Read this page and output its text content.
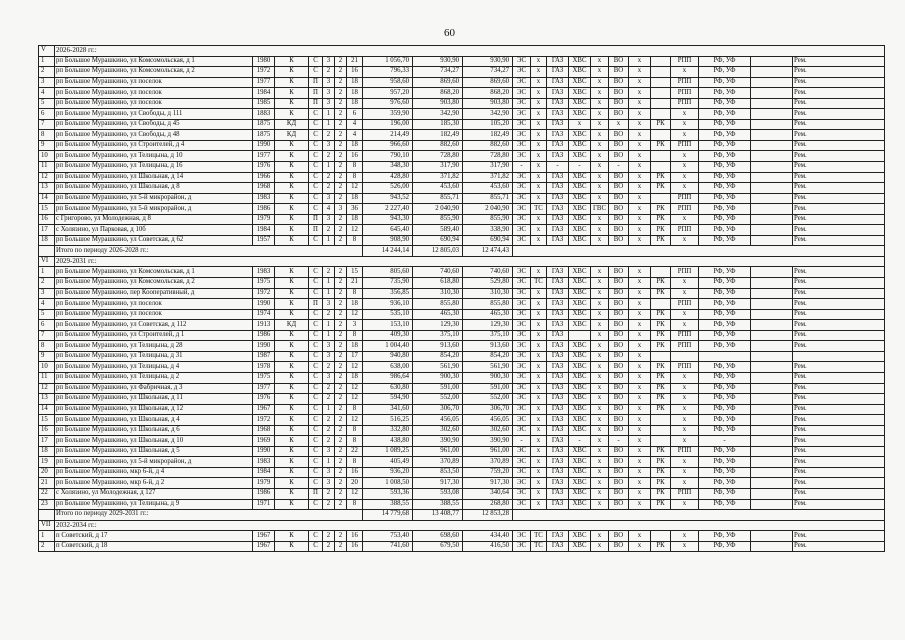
60
V	2026-2028 гг.:																					
1	рп Большое Мурашкино, ул Комсомольская, д 1	1980	К	С	3	2	21	1 056,70	930,90	930,90	ЭС	х	ГАЗ	ХВС	х	ВО	х		РПП	РФ, УФ		Рем.
2	рп Большое Мурашкино, ул Комсомольская, д 2	1972	К	С	2	2	16	796,33	734,27	734,27	ЭС	х	ГАЗ	ХВС	х	ВО	х		х	РФ, УФ		Рем.
3	рп Большое Мурашкино, ул поселок	1977	К	П	3	2	18	958,60	869,60	869,60	ЭС	х	ГАЗ	ХВС	х	ВО	х		РПП	РФ, УФ		Рем.
4	рп Большое Мурашкино, ул поселок	1984	К	П	3	2	18	957,20	868,20	868,20	ЭС	х	ГАЗ	ХВС	х	ВО	х		РПП	РФ, УФ		Рем.
5	рп Большое Мурашкино, ул поселок	1985	К	П	3	2	18	976,60	903,80	903,80	ЭС	х	ГАЗ	ХВС	х	ВО	х		РПП	РФ, УФ		Рем.
6	рп Большое Мурашкино, ул Свободы, д 111	1883	К	С	1	2	6	359,90	342,90	342,90	ЭС	х	ГАЗ	ХВС	х	ВО	х		х	РФ, УФ		Рем.
7	рп Большое Мурашкино, ул Свободы, д 45	1875	КД	С	1	2	4	196,00	185,30	105,20	ЭС	х	ГАЗ	х	х	х	х	РК	х	РФ, УФ		Рем.
8	рп Большое Мурашкино, ул Свободы, д 48	1875	КД	С	2	2	4	214,49	182,49	182,49	ЭС	х	ГАЗ	ХВС	х	ВО	х		х	РФ, УФ		Рем.
9	рп Большое Мурашкино, ул Строителей, д 4	1990	К	С	3	2	18	966,60	882,60	882,60	ЭС	х	ГАЗ	ХВС	х	ВО	х	РК	РПП	РФ, УФ		Рем.
10	рп Большое Мурашкино, ул Телицына, д 10	1977	К	С	2	2	16	790,10	728,80	728,80	ЭС	х	ГАЗ	ХВС	х	ВО	х		х	РФ, УФ		Рем.
11	рп Большое Мурашкино, ул Телицына, д 16	1976	К	С	1	2	8	348,30	317,90	317,90	-	х	-	-	х	-	х		х	РФ, УФ		Рем.
12	рп Большое Мурашкино, ул Школьная, д 14	1966	К	С	2	2	8	428,80	371,82	371,82	ЭС	х	ГАЗ	ХВС	х	ВО	х	РК	х	РФ, УФ		Рем.
13	рп Большое Мурашкино, ул Школьная, д 8	1968	К	С	2	2	12	526,00	453,60	453,60	ЭС	х	ГАЗ	ХВС	х	ВО	х	РК	х	РФ, УФ		Рем.
14	рп Большое Мурашкино, ул 5-й микрорайон, д	1983	К	С	3	2	18	943,52	855,71	855,71	ЭС	х	ГАЗ	ХВС	х	ВО	х		РПП	РФ, УФ		Рем.
15	рп Большое Мурашкино, ул 5-й микрорайон, д	1986	К	С	4	3	36	2 227,40	2 040,90	2 040,90	ЭС	ТС	ГАЗ	ХВС	ГВС	ВО	х	РК	РПП	РФ, УФ		Рем.
16	с Григорово, ул Молодежная, д 8	1979	К	П	3	2	18	943,30	855,90	855,90	ЭС	х	ГАЗ	ХВС	х	ВО	х	РК	х	РФ, УФ		Рем.
17	с Холязино, ул Парковая, д 10б	1984	К	П	2	2	12	645,40	589,40	338,90	ЭС	х	ГАЗ	ХВС	х	ВО	х	РК	РПП	РФ, УФ		Рем.
18	рп Большое Мурашкино, ул Советская, д 62	1957	К	С	1	2	8	908,90	690,94	690,94	ЭС	х	ГАЗ	ХВС	х	ВО	х	РК	х	РФ, УФ		Рем.
	Итого по периоду 2026-2028 гг.:							14 244,14	12 805,03	12 474,43												
VI	2029-2031 гг.:																					
1	рп Большое Мурашкино, ул Комсомольская, д 1	1983	К	С	2	2	15	805,60	740,60	740,60	ЭС	х	ГАЗ	ХВС	х	ВО	х		РПП	РФ, УФ		Рем.
2	рп Большое Мурашкино, ул Комсомольская, д 2	1975	К	С	1	2	21	735,90	618,80	529,80	ЭС	ТС	ГАЗ	ХВС	х	ВО	х	РК	х	РФ, УФ		Рем.
3	рп Большое Мурашкино, пер Кооперативный, д	1972	К	С	1	2	8	356,85	310,30	310,30	ЭС	х	ГАЗ	ХВС	х	ВО	х	РК	х	РФ, УФ		Рем.
4	рп Большое Мурашкино, ул поселок	1990	К	П	3	2	18	936,10	855,80	855,80	ЭС	х	ГАЗ	ХВС	х	ВО	х		РПП	РФ, УФ		Рем.
5	рп Большое Мурашкино, ул поселок	1974	К	С	2	2	12	535,10	465,30	465,30	ЭС	х	ГАЗ	ХВС	х	ВО	х	РК	х	РФ, УФ		Рем.
6	рп Большое Мурашкино, ул Советская, д 112	1913	КД	С	1	2	3	153,10	129,30	129,30	ЭС	х	ГАЗ	ХВС	х	ВО	х	РК	х	РФ, УФ		Рем.
7	рп Большое Мурашкино, ул Строителей, д 1	1986	К	С	1	2	8	409,30	375,10	375,10	ЭС	х	ГАЗ		х	ВО	х	РК	РПП	РФ, УФ		Рем.
8	рп Большое Мурашкино, ул Телицына, д 28	1990	К	С	3	2	18	1 004,40	913,60	913,60	ЭС	х	ГАЗ	ХВС	х	ВО	х	РК	РПП	РФ, УФ		Рем.
9	рп Большое Мурашкино, ул Телицына, д 31	1987	К	С	3	2	17	940,80	854,20	854,20	ЭС	х	ГАЗ	ХВС	х	ВО	х					
10	рп Большое Мурашкино, ул Телицына, д 4	1978	К	С	2	2	12	638,00	561,90	561,90	ЭС	х	ГАЗ	ХВС	х	ВО	х	РК	РПП	РФ, УФ		Рем.
11	рп Большое Мурашкино, ул Телицына, д 2	1975	К	С	3	2	18	986,64	900,30	900,30	ЭС	х	ГАЗ	ХВС	х	ВО	х	РК	х	РФ, УФ		Рем.
12	рп Большое Мурашкино, ул Фабричная, д 3	1977	К	С	2	2	12	630,80	591,00	591,00	ЭС	х	ГАЗ	ХВС	х	ВО	х	РК	х	РФ, УФ		Рем.
13	рп Большое Мурашкино, ул Школьная, д 11	1976	К	С	2	2	12	594,90	552,00	552,00	ЭС	х	ГАЗ	ХВС	х	ВО	х	РК	х	РФ, УФ		Рем.
14	рп Большое Мурашкино, ул Школьная, д 12	1967	К	С	1	2	8	341,60	306,70	306,70	ЭС	х	ГАЗ	ХВС	х	ВО	х	РК	х	РФ, УФ		Рем.
15	рп Большое Мурашкино, ул Школьная, д 4	1972	К	С	2	2	12	516,25	456,05	456,05	ЭС	х	ГАЗ	ХВС	х	ВО	х		х	РФ, УФ		Рем.
16	рп Большое Мурашкино, ул Школьная, д 6	1968	К	С	2	2	8	332,80	302,60	302,60	ЭС	х	ГАЗ	ХВС	х	ВО	х		х	РФ, УФ		Рем.
17	рп Большое Мурашкино, ул Школьная, д 10	1969	К	С	2	2	8	438,80	390,90	390,90	-	х	ГАЗ	-	х	-	х		х	-		Рем.
18	рп Большое Мурашкино, ул Школьная, д 5	1990	К	С	3	2	22	1 089,25	961,00	961,00	ЭС	х	ГАЗ	ХВС	х	ВО	х	РК	РПП	РФ, УФ		Рем.
19	рп Большое Мурашкино, ул 5-й микрорайон, д	1983	К	С	1	2	8	405,49	370,89	370,89	ЭС	х	ГАЗ	ХВС	х	ВО	х	РК	х	РФ, УФ		Рем.
20	рп Большое Мурашкино, мкр 6-й, д 4	1984	К	С	3	2	16	936,20	853,50	759,20	ЭС	х	ГАЗ	ХВС	х	ВО	х	РК	х	РФ, УФ		Рем.
21	рп Большое Мурашкино, мкр 6-й, д 2	1979	К	С	3	2	20	1 008,50	917,30	917,30	ЭС	х	ГАЗ	ХВС	х	ВО	х	РК	х	РФ, УФ		Рем.
22	с Холязино, ул Молодежная, д 127	1986	К	П	2	2	12	593,36	593,08	340,64	ЭС	х	ГАЗ	ХВС	х	ВО	х	РК	РПП	РФ, УФ		Рем.
23	рп Большое Мурашкино, ул Телицына, д 9	1971	К	С	2	2	8	388,55	388,55	268,80	ЭС	х	ГАЗ	ХВС	х	ВО	х	РК	х	РФ, УФ		Рем.
	Итого по периоду 2029-2031 гг.:							14 779,68	13 408,77	12 853,28												
VII	2032-2034 гг.:																					
1	п Советский, д 17	1967	К	С	2	2	16	753,40	698,60	434,40	ЭС	ТС	ГАЗ	ХВС	х	ВО	х		х	РФ, УФ		Рем.
2	п Советский, д 18	1967	К	С	2	2	16	741,60	679,50	416,50	ЭС	ТС	ГАЗ	ХВС	х	ВО	х	РК	х	РФ, УФ		Рем.
